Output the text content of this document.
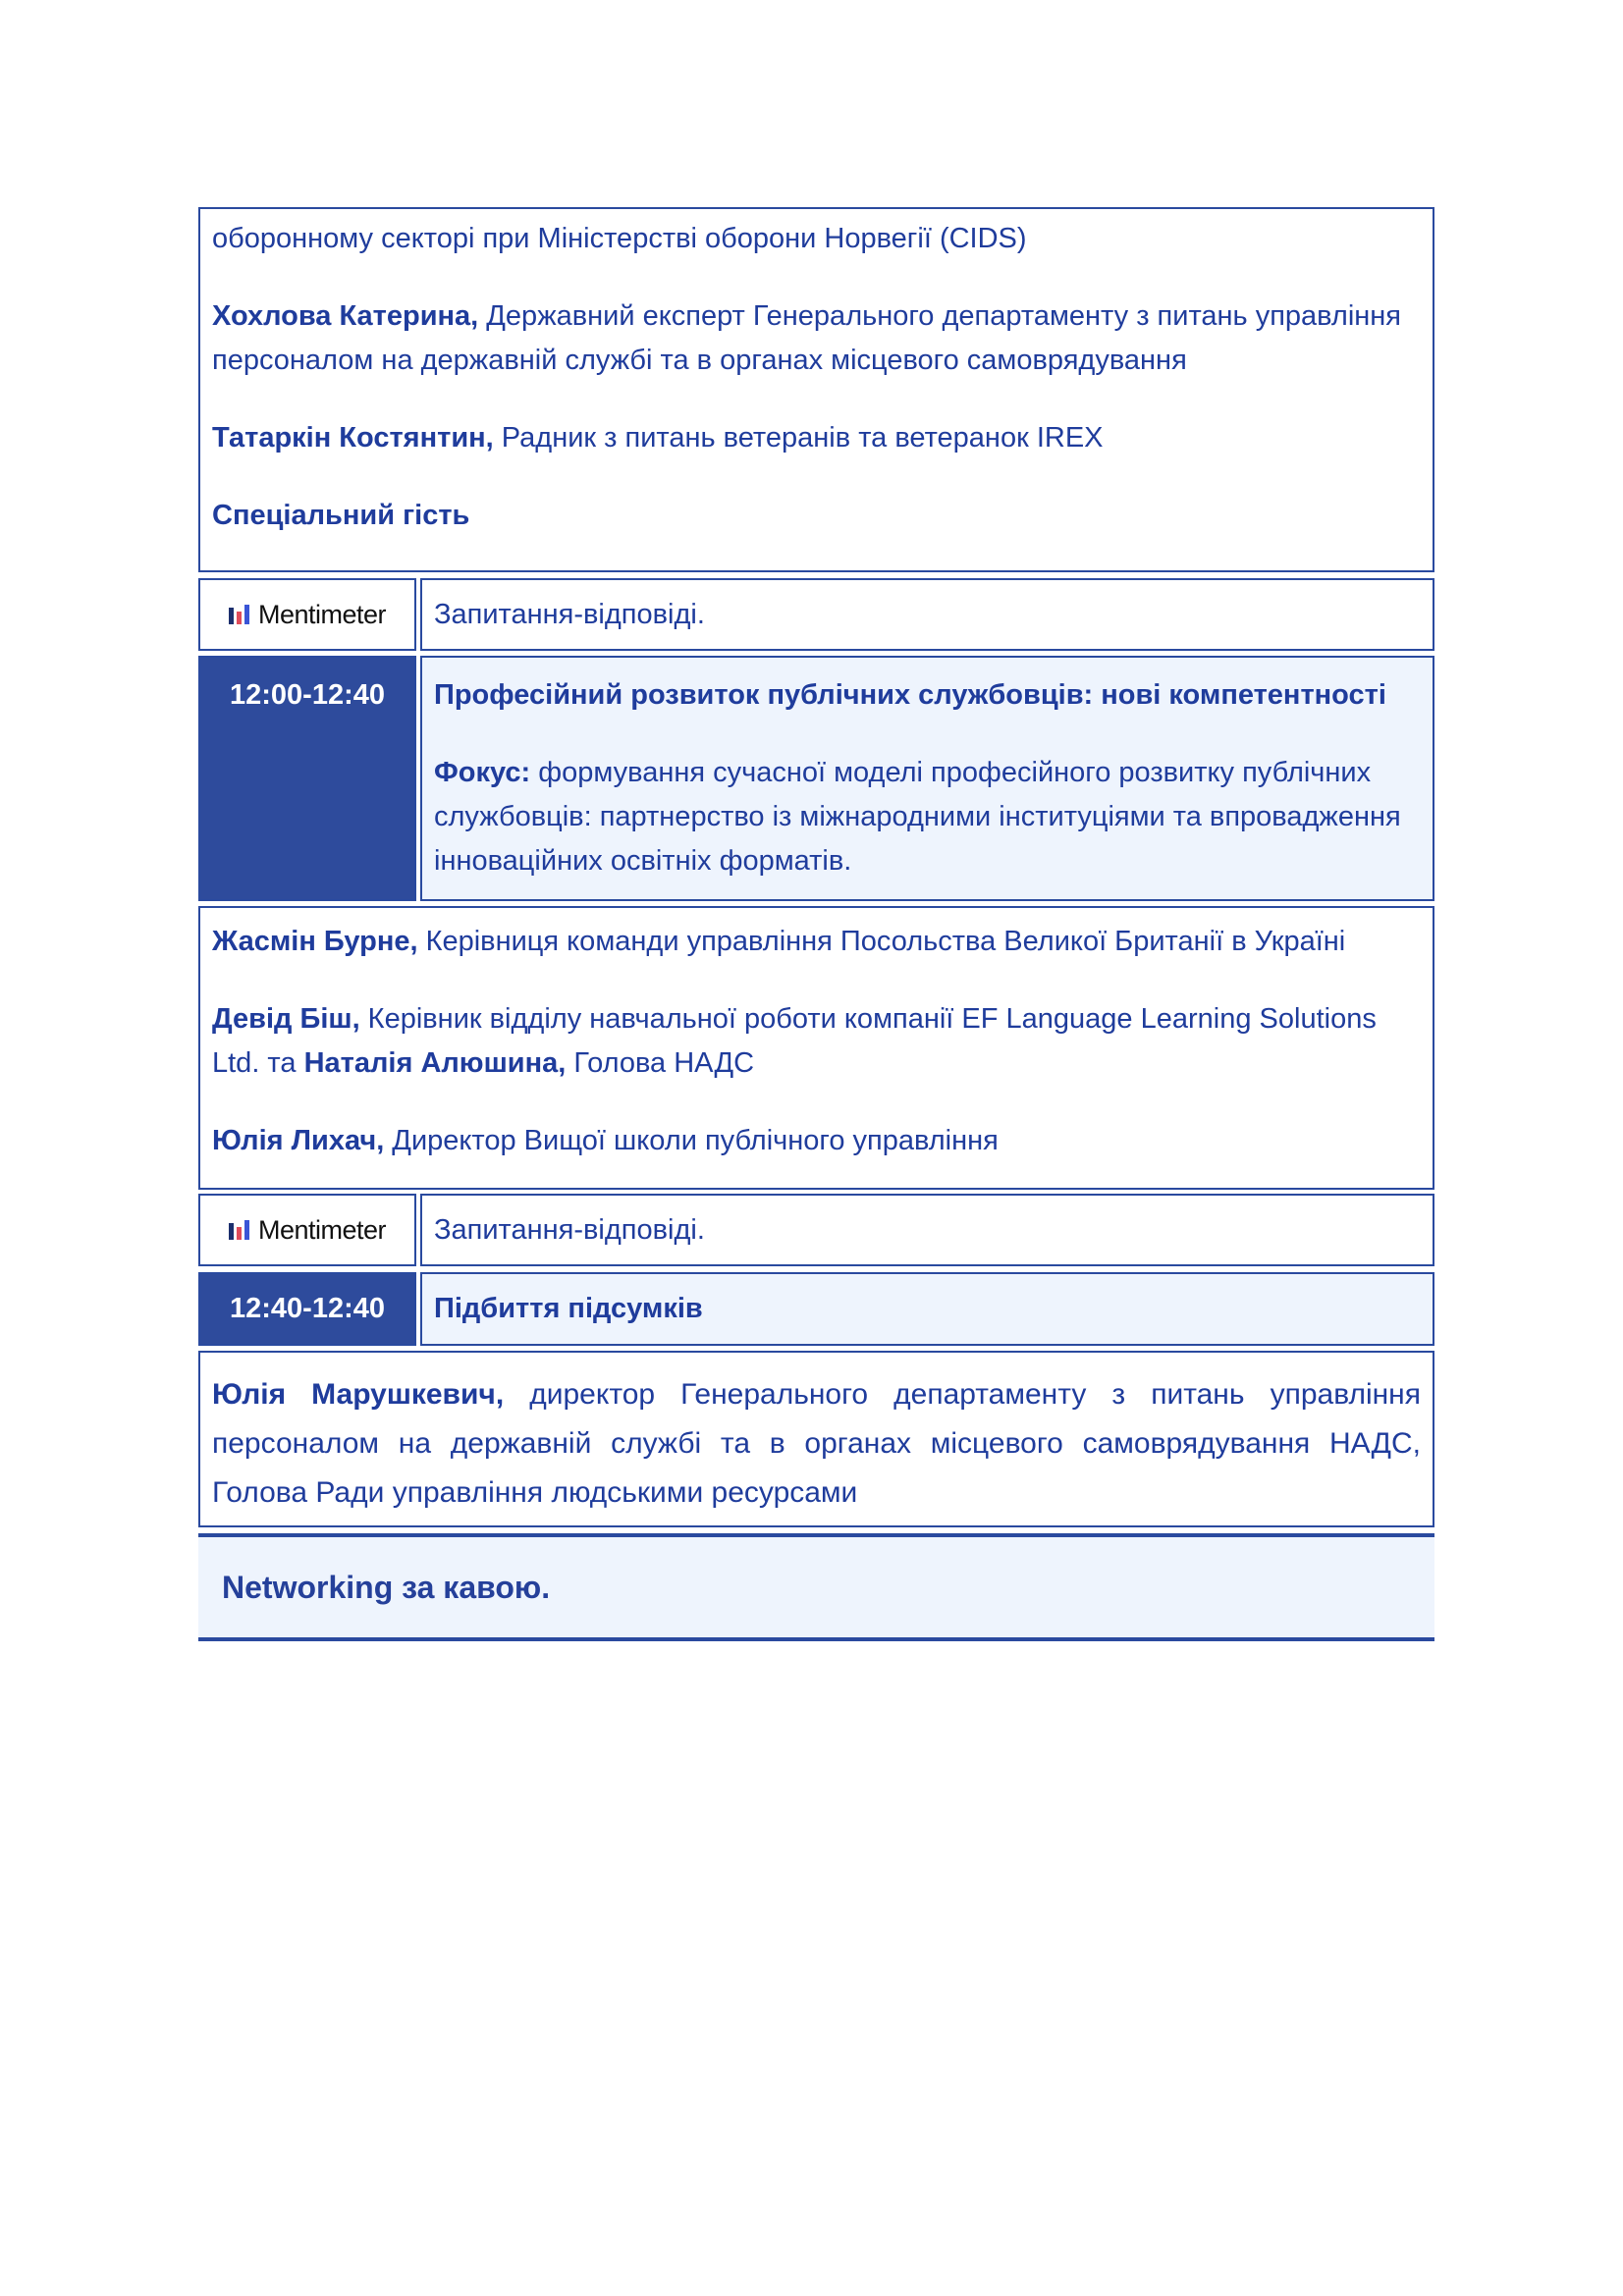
оборонному секторі при Міністерстві оборони Норвегії (CIDS)

Хохлова Катерина, Державний експерт Генерального департаменту з питань управління персоналом на державній службі та в органах місцевого самоврядування

Татаркін Костянтин, Радник з питань ветеранів та ветеранок IREX

Спеціальний гість

Mentimeter	Запитання-відповіді.
12:00-12:40	Професійний розвиток публічних службовців: нові компетентності

Фокус: формування сучасної моделі професійного розвитку публічних службовців: партнерство із міжнародними інституціями та впровадження інноваційних освітніх форматів.

Жасмін Бурне, Керівниця команди управління Посольства Великої Британії в Україні

Девід Біш, Керівник відділу навчальної роботи компанії EF Language Learning Solutions Ltd. та Наталія Алюшина, Голова НАДС

Юлія Лихач, Директор Вищої школи публічного управління

Mentimeter	Запитання-відповіді.
12:40-12:40	Підбиття підсумків

Юлія Марушкевич, директор Генерального департаменту з питань управління персоналом на державній службі та в органах місцевого самоврядування НАДС, Голова Ради управління людськими ресурсами

Networking за кавою.
